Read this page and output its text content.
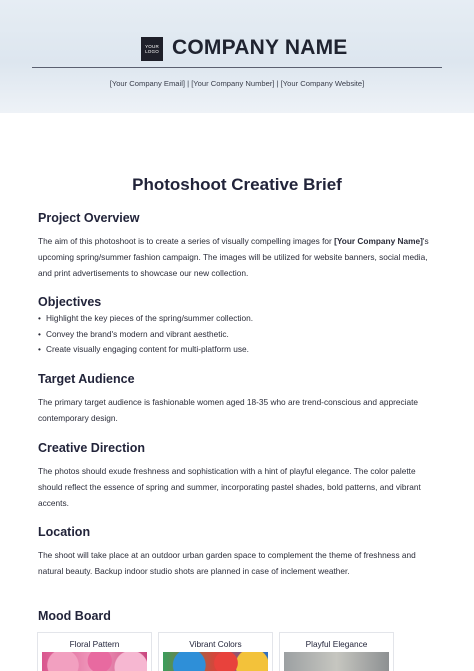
YOUR
LOGO COMPANY NAME
[Your Company Email] | [Your Company Number] | [Your Company Website]
Photoshoot Creative Brief
Project Overview
The aim of this photoshoot is to create a series of visually compelling images for [Your Company Name]'s upcoming spring/summer fashion campaign. The images will be utilized for website banners, social media, and print advertisements to showcase our new collection.
Objectives
• Highlight the key pieces of the spring/summer collection.
• Convey the brand's modern and vibrant aesthetic.
• Create visually engaging content for multi-platform use.
Target Audience
The primary target audience is fashionable women aged 18-35 who are trend-conscious and appreciate contemporary design.
Creative Direction
The photos should exude freshness and sophistication with a hint of playful elegance. The color palette should reflect the essence of spring and summer, incorporating pastel shades, bold patterns, and vibrant accents.
Location
The shoot will take place at an outdoor urban garden space to complement the theme of freshness and natural beauty. Backup indoor studio shots are planned in case of inclement weather.
Mood Board
Floral Pattern	Vibrant Colors	Playful Elegance
